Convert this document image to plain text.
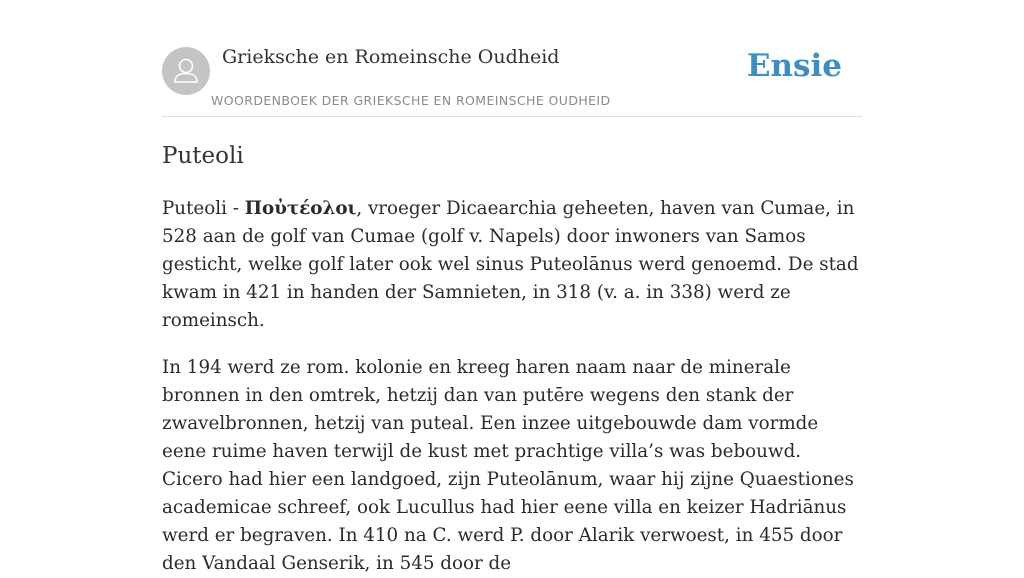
Grieksche en Romeinsche Oudheid
WOORDENBOEK DER GRIEKSCHE EN ROMEINSCHE OUDHEID
Ensie
Puteoli

Puteoli - Ποὐτέολοι, vroeger Dicaearchia geheeten, haven van Cumae, in 528 aan de golf van Cumae (golf v. Napels) door inwoners van Samos gesticht, welke golf later ook wel sinus Puteolānus werd genoemd. De stad kwam in 421 in handen der Samnieten, in 318 (v. a. in 338) werd ze romeinsch.

In 194 werd ze rom. kolonie en kreeg haren naam naar de minerale bronnen in den omtrek, hetzij dan van putēre wegens den stank der zwavelbronnen, hetzij van puteal. Een inzee uitgebouwde dam vormde eene ruime haven terwijl de kust met prachtige villa’s was bebouwd. Cicero had hier een landgoed, zijn Puteolānum, waar hij zijne Quaestiones academicae schreef, ook Lucullus had hier eene villa en keizer Hadriānus werd er begraven. In 410 na C. werd P. door Alarik verwoest, in 455 door den Vandaal Genserik, in 545 door de
